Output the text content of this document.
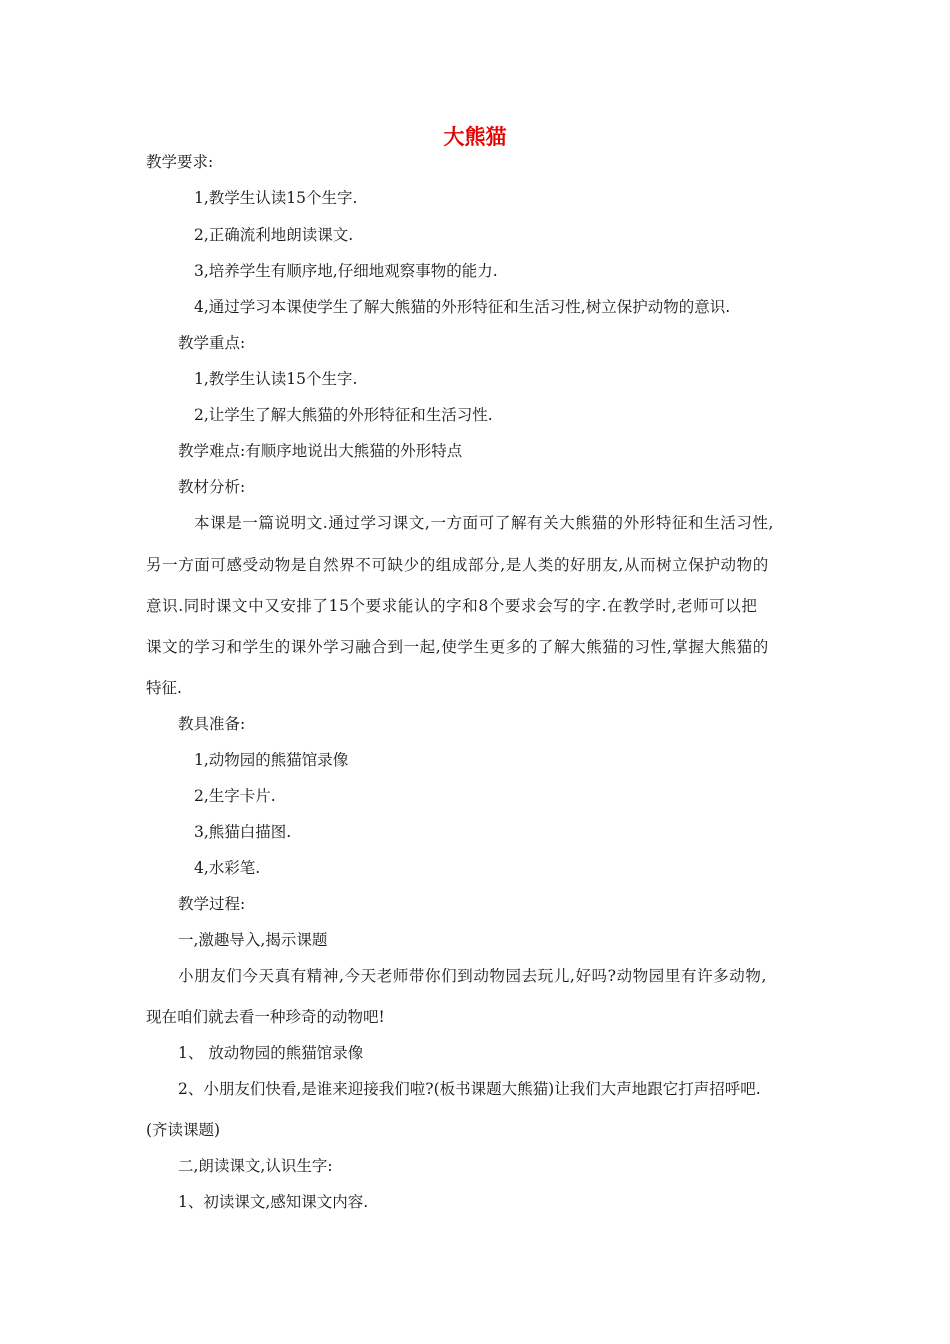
大熊猫
教学要求:
1,教学生认读15个生字.
2,正确流利地朗读课文.
3,培养学生有顺序地,仔细地观察事物的能力.
4,通过学习本课使学生了解大熊猫的外形特征和生活习性,树立保护动物的意识.
教学重点:
1,教学生认读15个生字.
2,让学生了解大熊猫的外形特征和生活习性.
教学难点:有顺序地说出大熊猫的外形特点
教材分析:
本课是一篇说明文.通过学习课文,一方面可了解有关大熊猫的外形特征和生活习性,
另一方面可感受动物是自然界不可缺少的组成部分,是人类的好朋友,从而树立保护动物的
意识.同时课文中又安排了15个要求能认的字和8个要求会写的字.在教学时,老师可以把
课文的学习和学生的课外学习融合到一起,使学生更多的了解大熊猫的习性,掌握大熊猫的
特征.
教具准备:
1,动物园的熊猫馆录像
2,生字卡片.
3,熊猫白描图.
4,水彩笔.
教学过程:
一,激趣导入,揭示课题
小朋友们今天真有精神,今天老师带你们到动物园去玩儿,好吗?动物园里有许多动物,
现在咱们就去看一种珍奇的动物吧!
1、 放动物园的熊猫馆录像
2、小朋友们快看,是谁来迎接我们啦?(板书课题大熊猫)让我们大声地跟它打声招呼吧.
(齐读课题)
二,朗读课文,认识生字:
1、初读课文,感知课文内容.
